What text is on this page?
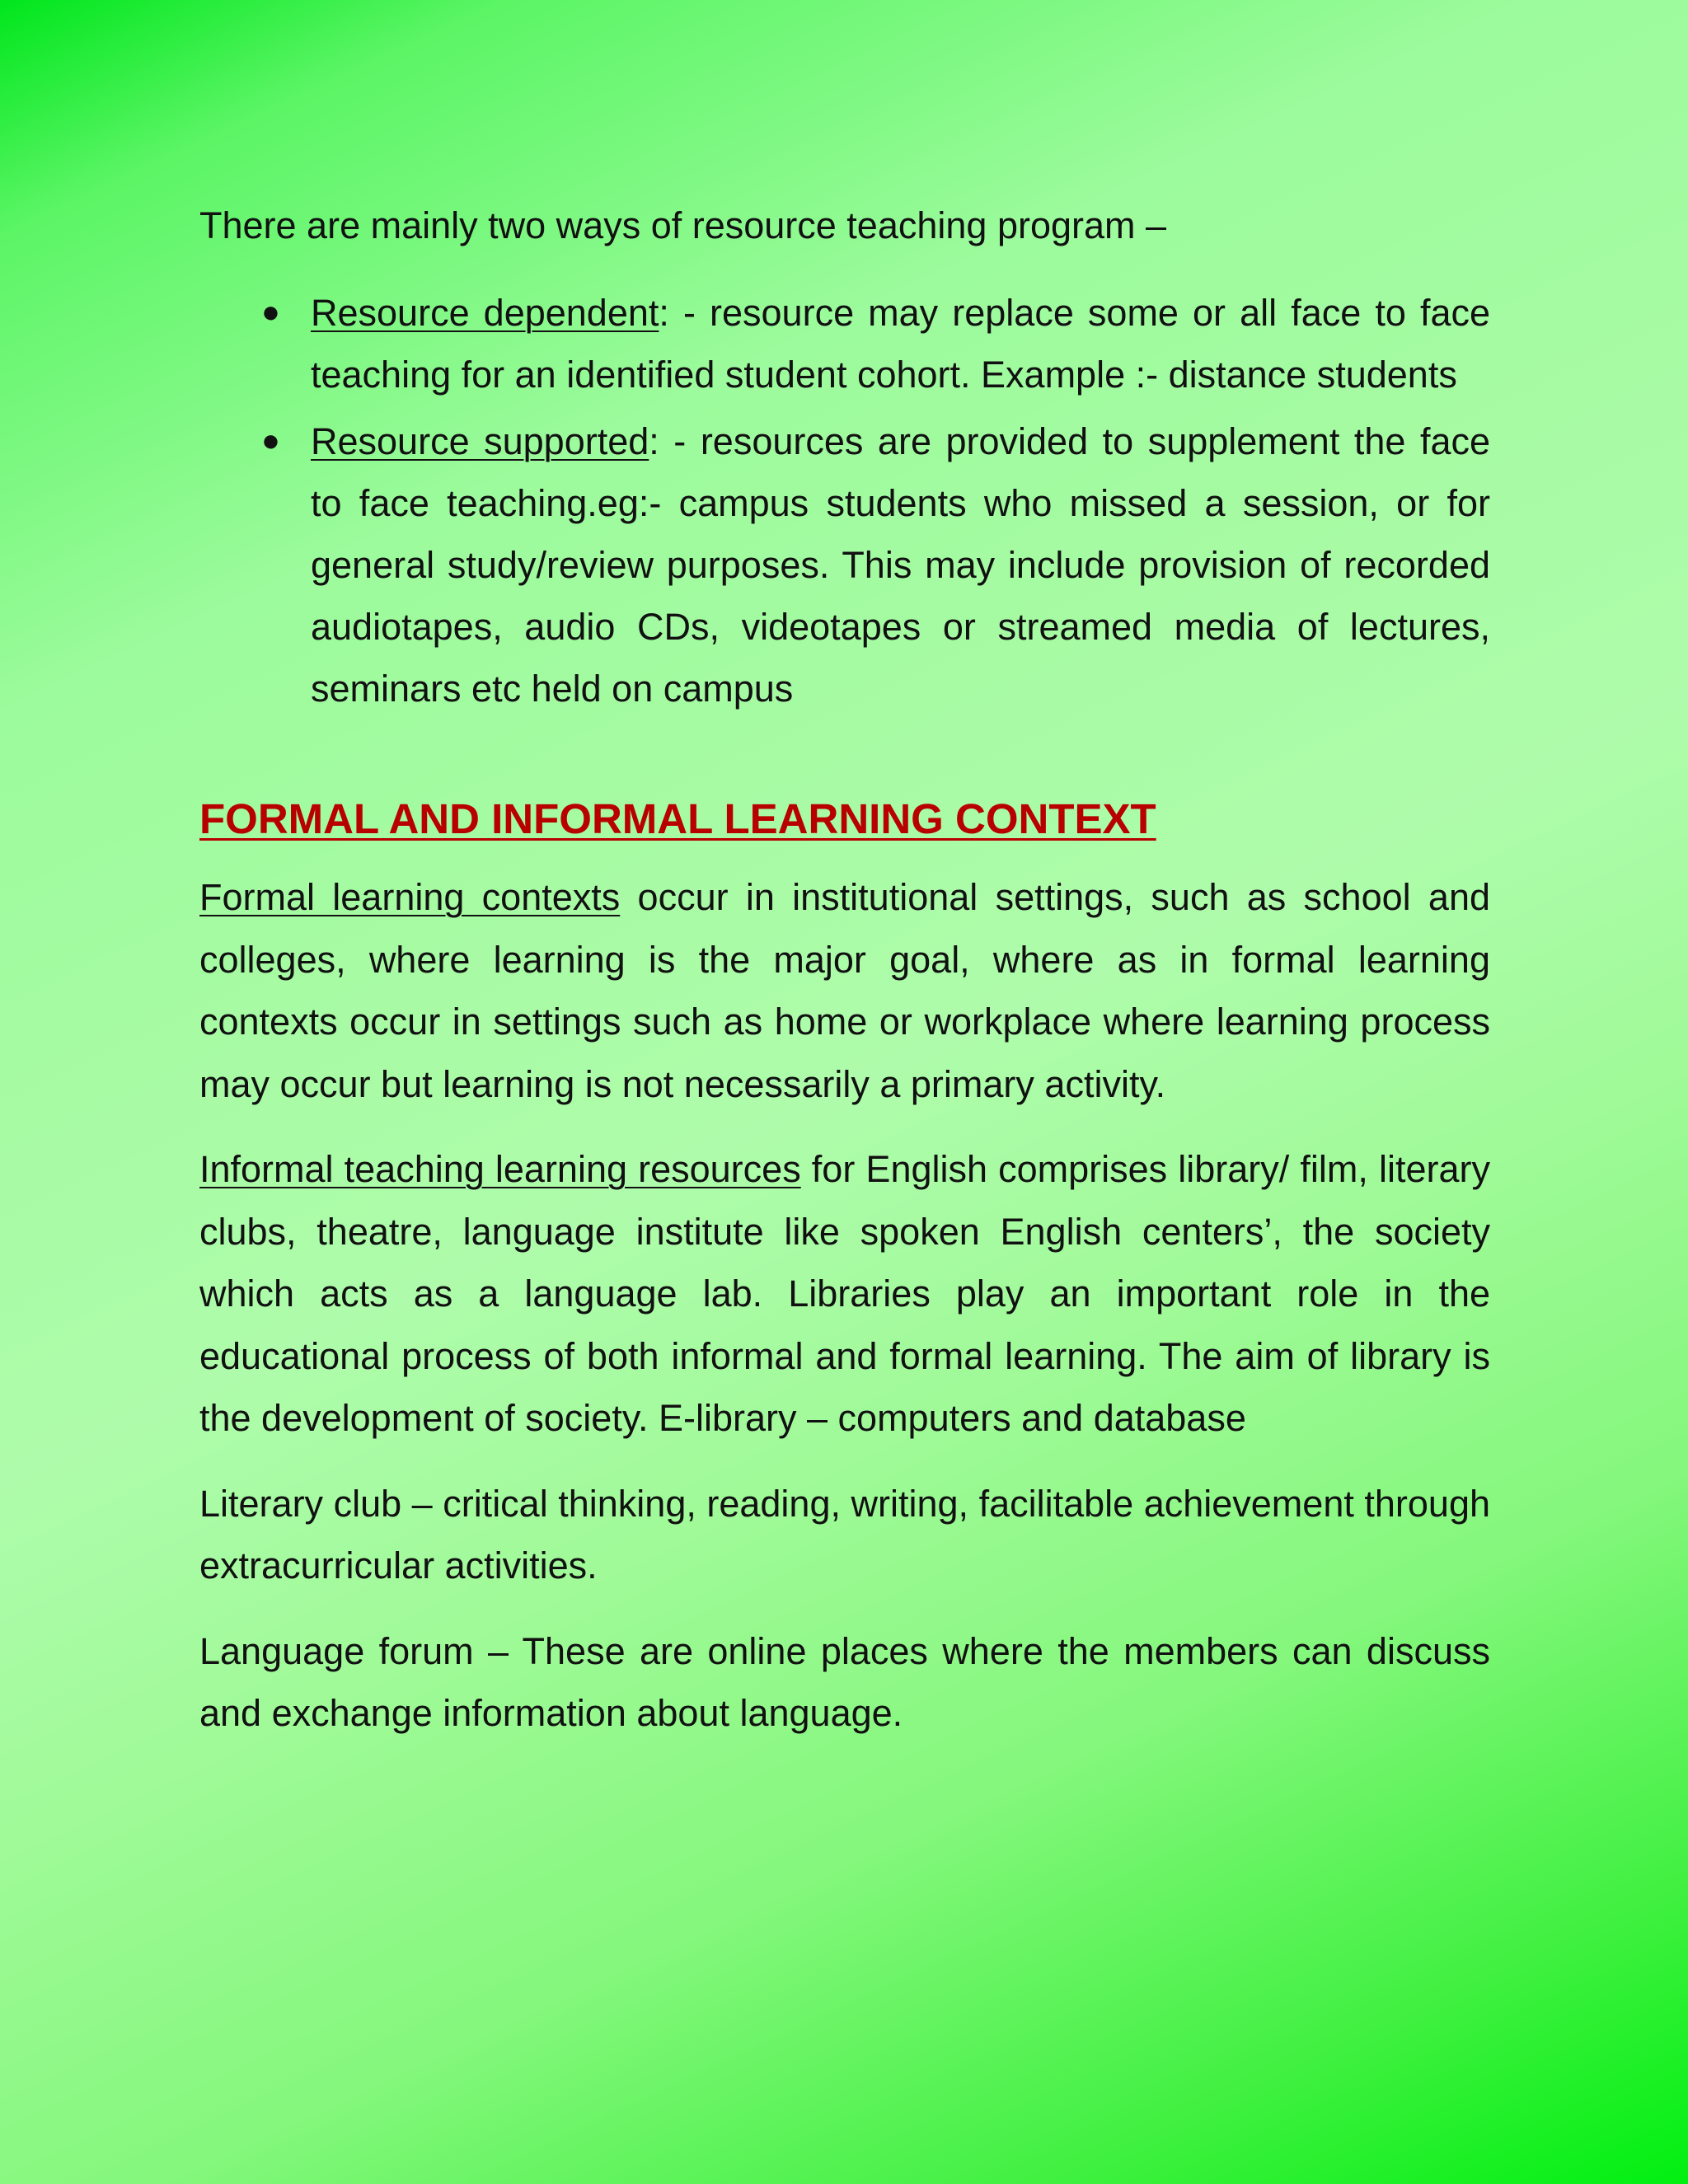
There are mainly two ways of resource teaching program –
● Resource dependent: - resource may replace some or all face to face teaching for an identified student cohort. Example :- distance students
● Resource supported: - resources are provided to supplement the face to face teaching.eg:- campus students who missed a session, or for general study/review purposes. This may include provision of recorded audiotapes, audio CDs, videotapes or streamed media of lectures, seminars etc held on campus
FORMAL AND INFORMAL LEARNING CONTEXT

Formal learning contexts occur in institutional settings, such as school and colleges, where learning is the major goal, where as in formal learning contexts occur in settings such as home or workplace where learning process may occur but learning is not necessarily a primary activity.

Informal teaching learning resources for English comprises library/ film, literary clubs, theatre, language institute like spoken English centers’, the society which acts as a language lab. Libraries play an important role in the educational process of both informal and formal learning. The aim of library is the development of society. E-library – computers and database

Literary club – critical thinking, reading, writing, facilitable achievement through extracurricular activities.

Language forum – These are online places where the members can discuss and exchange information about language.
